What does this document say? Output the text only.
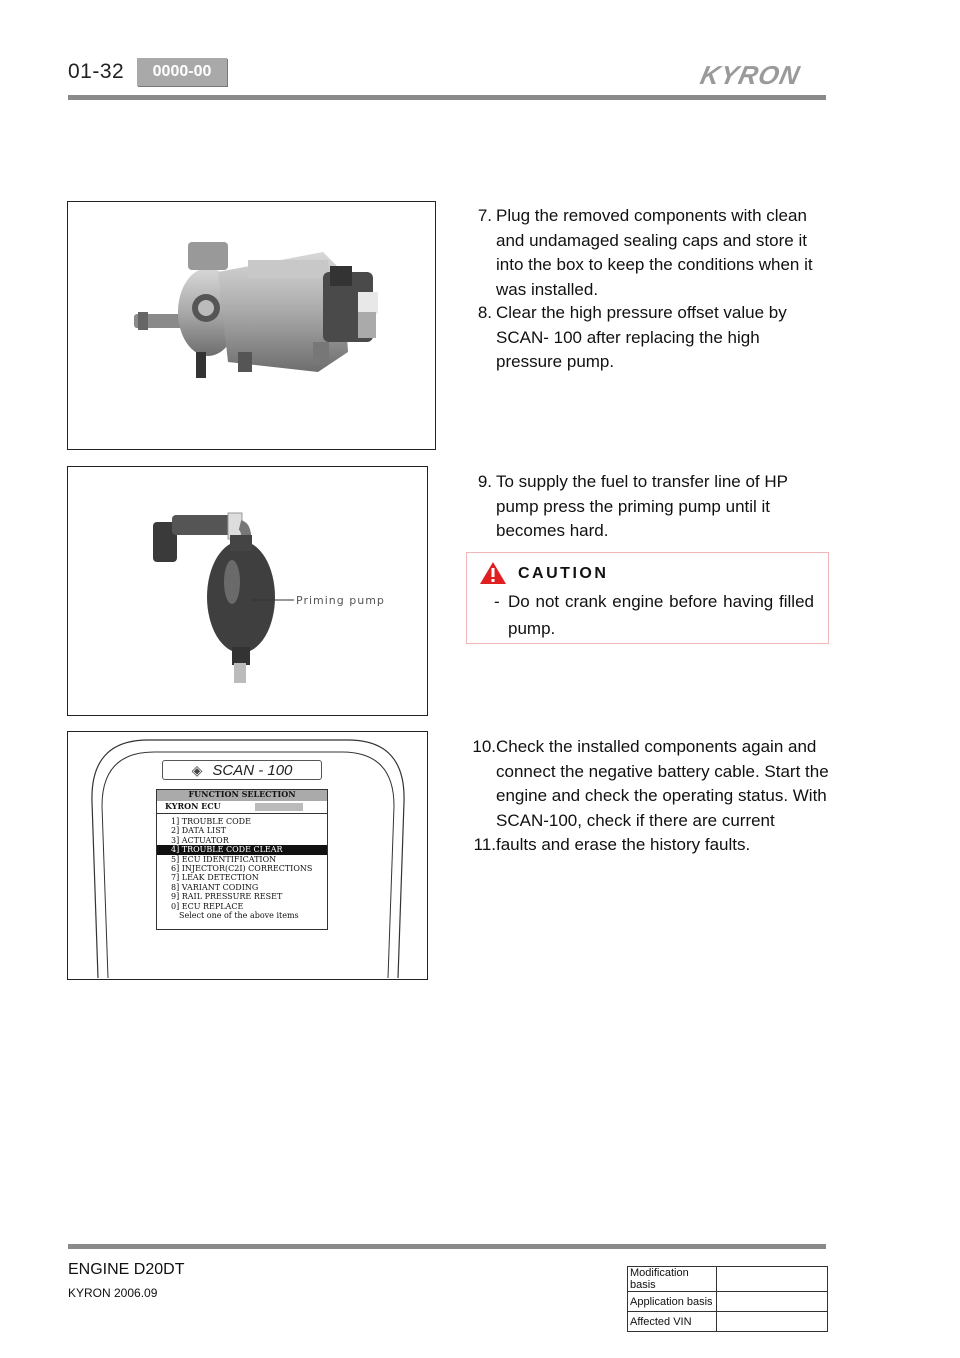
01-32	0000-00	KYRON
7. Plug the removed components with clean and undamaged sealing caps and store it into the box to keep the conditions when it was installed.
8. Clear the high pressure offset value by SCAN- 100 after replacing the high pressure pump.
Priming pump
9. To supply the fuel to transfer line of HP pump press the priming pump until it becomes hard.
CAUTION
- Do not crank engine before having filled pump.
◈ SCAN - 100
FUNCTION SELECTION
KYRON ECU
1] TROUBLE CODE
2] DATA LIST
3] ACTUATOR
4] TROUBLE CODE CLEAR
5] ECU IDENTIFICATION
6] INJECTOR(C2I) CORRECTIONS
7] LEAK DETECTION
8] VARIANT CODING
9] RAIL PRESSURE RESET
0] ECU REPLACE
Select one of the above items
10. Check the installed components again and connect the negative battery cable. Start the engine and check the operating status. With SCAN-100, check if there are current
11. faults and erase the history faults.
ENGINE D20DT
KYRON 2006.09
Modification basis	
Application basis	
Affected VIN	
